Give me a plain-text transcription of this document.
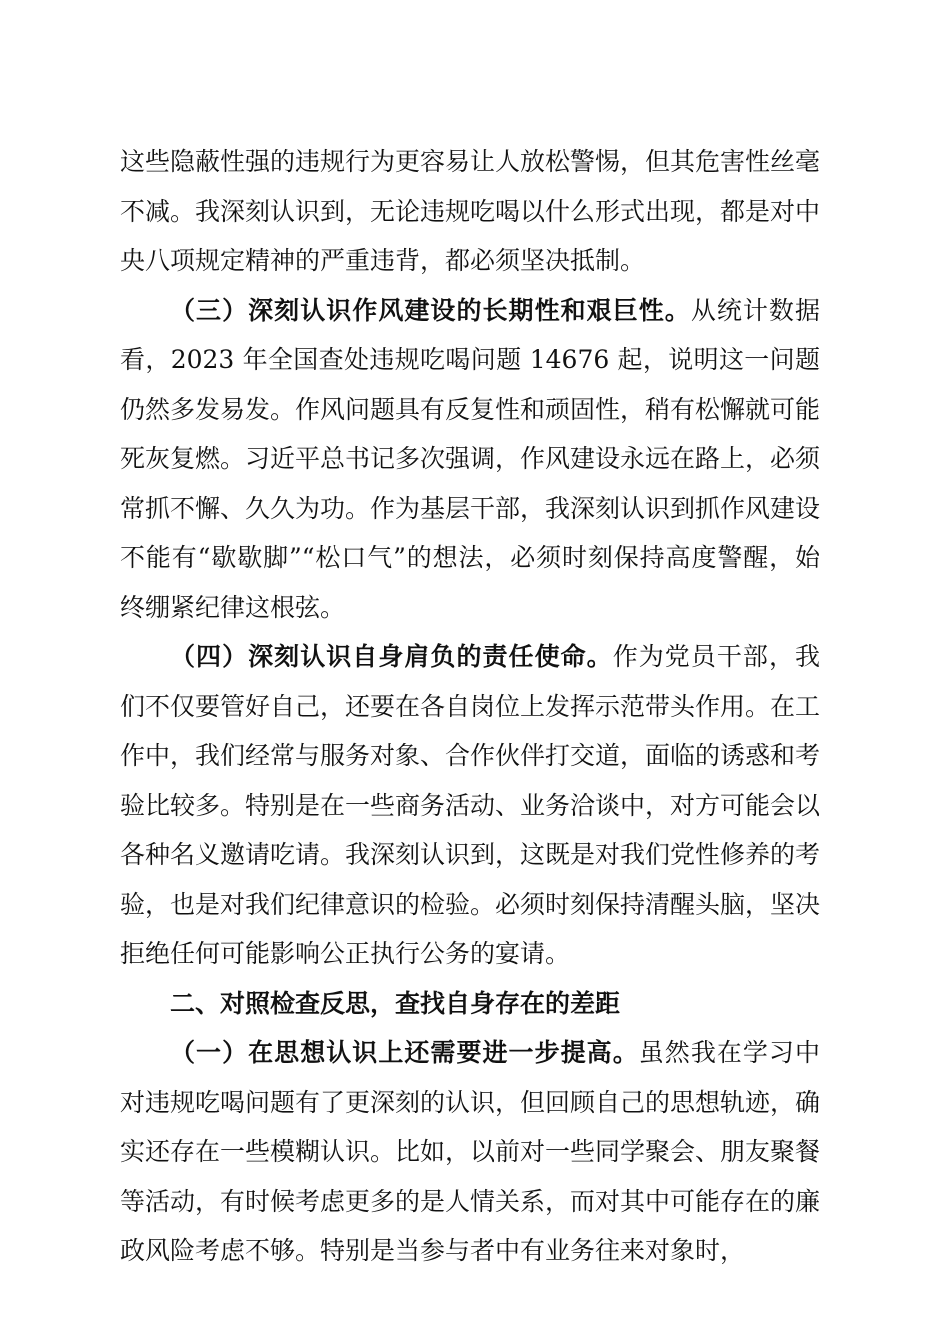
这些隐蔽性强的违规行为更容易让人放松警惕，但其危害性丝毫不减。我深刻认识到，无论违规吃喝以什么形式出现，都是对中央八项规定精神的严重违背，都必须坚决抵制。

（三）深刻认识作风建设的长期性和艰巨性。从统计数据看，2023 年全国查处违规吃喝问题 14676 起，说明这一问题仍然多发易发。作风问题具有反复性和顽固性，稍有松懈就可能死灰复燃。习近平总书记多次强调，作风建设永远在路上，必须常抓不懈、久久为功。作为基层干部，我深刻认识到抓作风建设不能有“歇歇脚”“松口气”的想法，必须时刻保持高度警醒，始终绷紧纪律这根弦。

（四）深刻认识自身肩负的责任使命。作为党员干部，我们不仅要管好自己，还要在各自岗位上发挥示范带头作用。在工作中，我们经常与服务对象、合作伙伴打交道，面临的诱惑和考验比较多。特别是在一些商务活动、业务洽谈中，对方可能会以各种名义邀请吃请。我深刻认识到，这既是对我们党性修养的考验，也是对我们纪律意识的检验。必须时刻保持清醒头脑，坚决拒绝任何可能影响公正执行公务的宴请。

二、对照检查反思，查找自身存在的差距

（一）在思想认识上还需要进一步提高。虽然我在学习中对违规吃喝问题有了更深刻的认识，但回顾自己的思想轨迹，确实还存在一些模糊认识。比如，以前对一些同学聚会、朋友聚餐等活动，有时候考虑更多的是人情关系，而对其中可能存在的廉政风险考虑不够。特别是当参与者中有业务往来对象时，
